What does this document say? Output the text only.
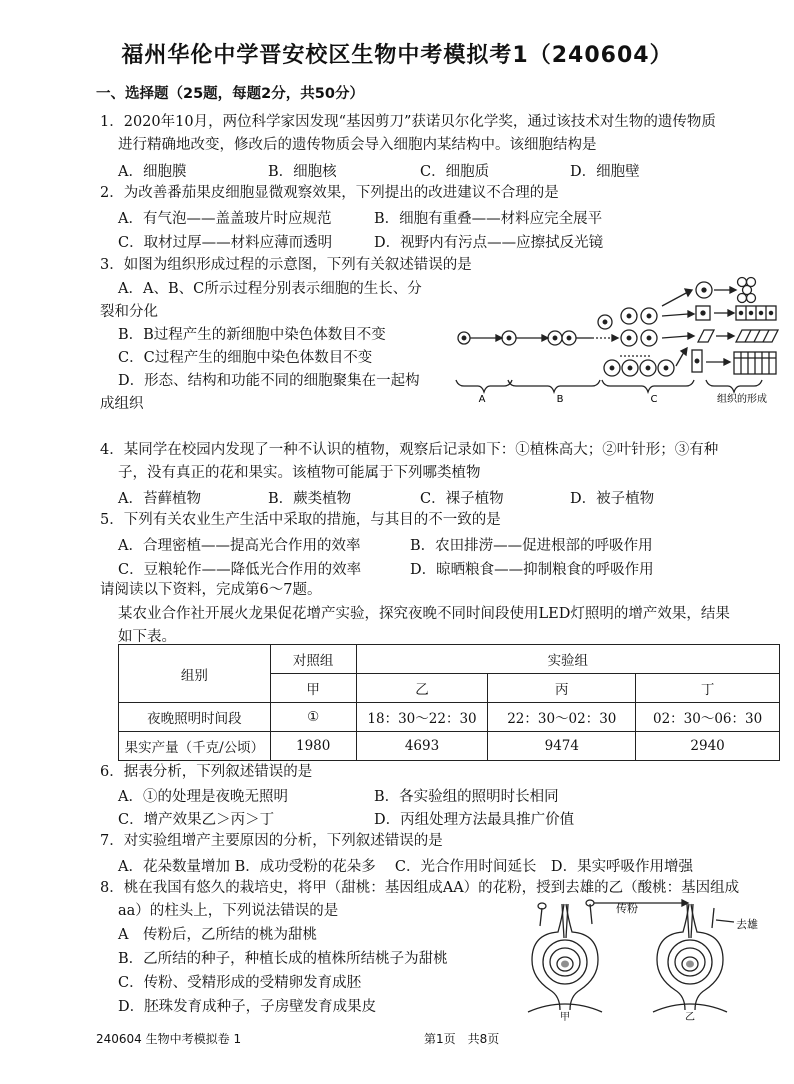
福州华伦中学晋安校区生物中考模拟考1（240604）
一、选择题（25题，每题2分，共50分）
1．2020年10月，两位科学家因发现“基因剪刀”获诺贝尔化学奖，通过该技术对生物的遗传物质
进行精确地改变，修改后的遗传物质会导入细胞内某结构中。该细胞结构是
A．细胞膜	B．细胞核	C．细胞质	D．细胞壁
2．为改善番茄果皮细胞显微观察效果，下列提出的改进建议不合理的是
A．有气泡——盖盖玻片时应规范	B．细胞有重叠——材料应完全展平
C．取材过厚——材料应薄而透明	D．视野内有污点——应擦拭反光镜
3．如图为组织形成过程的示意图，下列有关叙述错误的是
A．A、B、C所示过程分别表示细胞的生长、分
裂和分化
B．B过程产生的新细胞中染色体数目不变
C．C过程产生的细胞中染色体数目不变
D．形态、结构和功能不同的细胞聚集在一起构
成组织	A	B	C	组织的形成
4．某同学在校园内发现了一种不认识的植物，观察后记录如下：①植株高大；②叶针形；③有种
子，没有真正的花和果实。该植物可能属于下列哪类植物
A．苔藓植物	B．蕨类植物	C．裸子植物	D．被子植物
5．下列有关农业生产生活中采取的措施，与其目的不一致的是
A．合理密植——提高光合作用的效率	B．农田排涝——促进根部的呼吸作用
C．豆粮轮作——降低光合作用的效率	D．晾晒粮食——抑制粮食的呼吸作用
请阅读以下资料，完成第6～7题。
某农业合作社开展火龙果促花增产实验，探究夜晚不同时间段使用LED灯照明的增产效果，结果
如下表。
组别	对照组	实验组		
	甲	乙	丙	丁
夜晚照明时间段	①	18：30～22：30	22：30～02：30	02：30～06：30
果实产量（千克/公顷）	1980	4693	9474	2940
6．据表分析，下列叙述错误的是
A．①的处理是夜晚无照明	B．各实验组的照明时长相同
C．增产效果乙＞丙＞丁	D．丙组处理方法最具推广价值
7．对实验组增产主要原因的分析，下列叙述错误的是
A．花朵数量增加 B．成功受粉的花朵多　 C．光合作用时间延长　D．果实呼吸作用增强
8．桃在我国有悠久的栽培史，将甲（甜桃：基因组成AA）的花粉，授到去雄的乙（酸桃：基因组成
aa）的柱头上，下列说法错误的是
A　传粉后，乙所结的桃为甜桃
B．乙所结的种子，种植长成的植株所结桃子为甜桃
C．传粉、受精形成的受精卵发育成胚
D．胚珠发育成种子，子房壁发育成果皮
传粉
去雄
甲	乙
240604 生物中考模拟卷 1	第1页　共8页
